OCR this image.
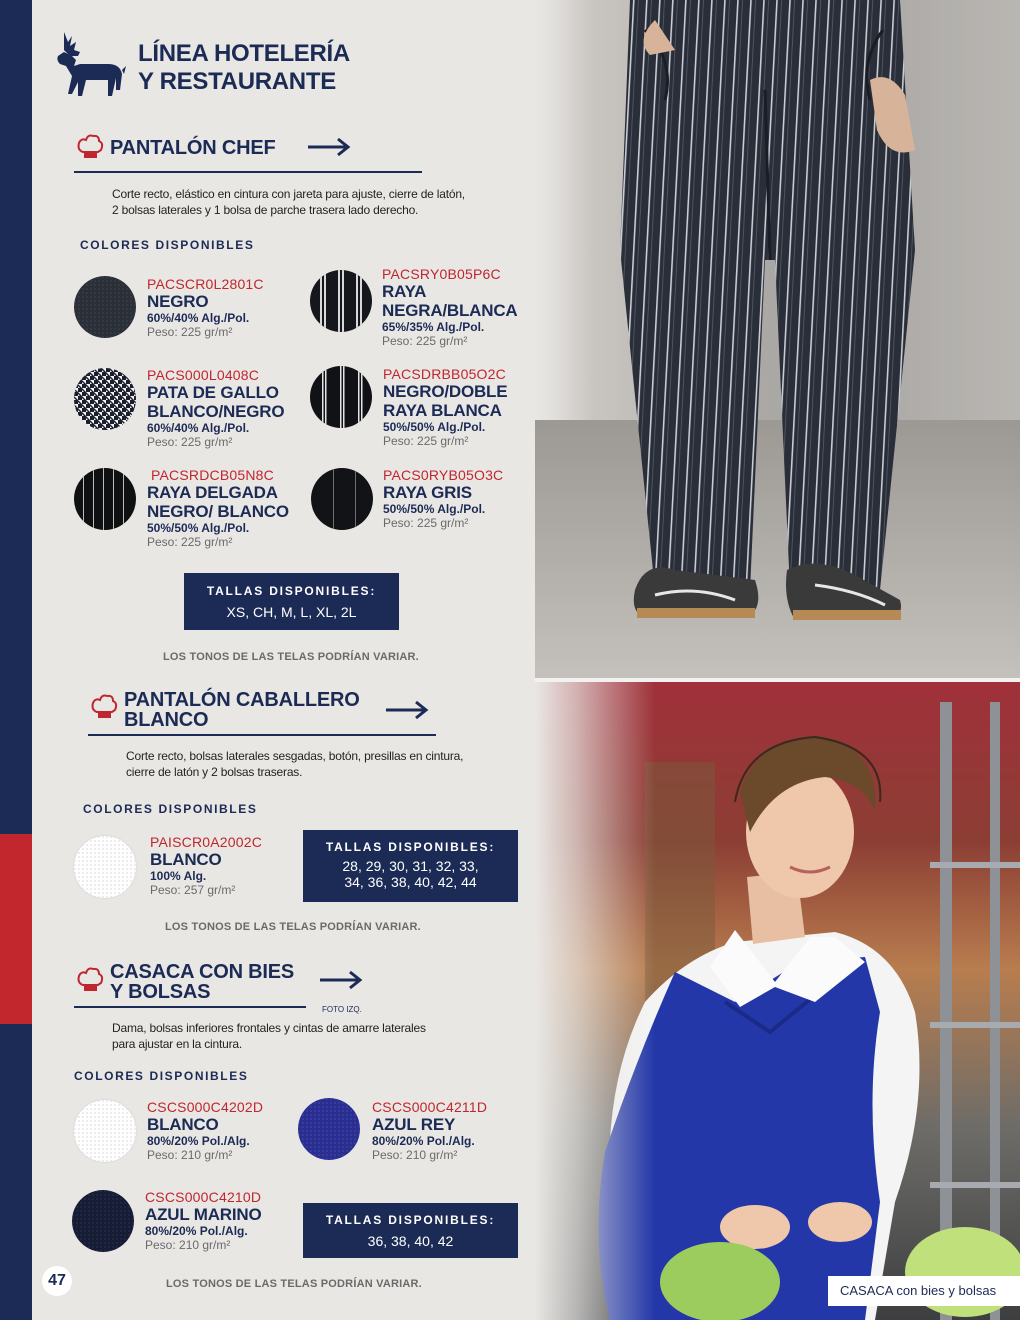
CASACA con bies y bolsas
LÍNEA HOTELERÍA
Y RESTAURANTE
PANTALÓN CHEF
Corte recto, elástico en cintura con jareta para ajuste, cierre de latón,
2 bolsas laterales y 1 bolsa de parche trasera lado derecho.
COLORES DISPONIBLES
PACSCR0L2801C
NEGRO
60%/40% Alg./Pol.
Peso: 225 gr/m²
PACSRY0B05P6C
RAYA
NEGRA/BLANCA
65%/35% Alg./Pol.
Peso: 225 gr/m²
PACS000L0408C
PATA DE GALLO
BLANCO/NEGRO
60%/40% Alg./Pol.
Peso: 225 gr/m²
PACSDRBB05O2C
NEGRO/DOBLE
RAYA BLANCA
50%/50% Alg./Pol.
Peso: 225 gr/m²
PACSRDCB05N8C
RAYA DELGADA
NEGRO/ BLANCO
50%/50% Alg./Pol.
Peso: 225 gr/m²
PACS0RYB05O3C
RAYA GRIS
50%/50% Alg./Pol.
Peso: 225 gr/m²
TALLAS DISPONIBLES:
XS, CH, M, L, XL, 2L
LOS TONOS DE LAS TELAS PODRÍAN VARIAR.
PANTALÓN CABALLERO
BLANCO
Corte recto, bolsas laterales sesgadas, botón, presillas en cintura,
cierre de latón y 2 bolsas traseras.
COLORES DISPONIBLES
PAISCR0A2002C
BLANCO
100% Alg.
Peso: 257 gr/m²
TALLAS DISPONIBLES:
28, 29, 30, 31, 32, 33,
34, 36, 38, 40, 42, 44
LOS TONOS DE LAS TELAS PODRÍAN VARIAR.
CASACA CON BIES
Y BOLSAS
FOTO IZQ.
Dama, bolsas inferiores frontales y cintas de amarre laterales
para ajustar en la cintura.
COLORES DISPONIBLES
CSCS000C4202D
BLANCO
80%/20% Pol./Alg.
Peso: 210 gr/m²
CSCS000C4211D
AZUL REY
80%/20% Pol./Alg.
Peso: 210 gr/m²
CSCS000C4210D
AZUL MARINO
80%/20% Pol./Alg.
Peso: 210 gr/m²
TALLAS DISPONIBLES:
36, 38, 40, 42
47	LOS TONOS DE LAS TELAS PODRÍAN VARIAR.
